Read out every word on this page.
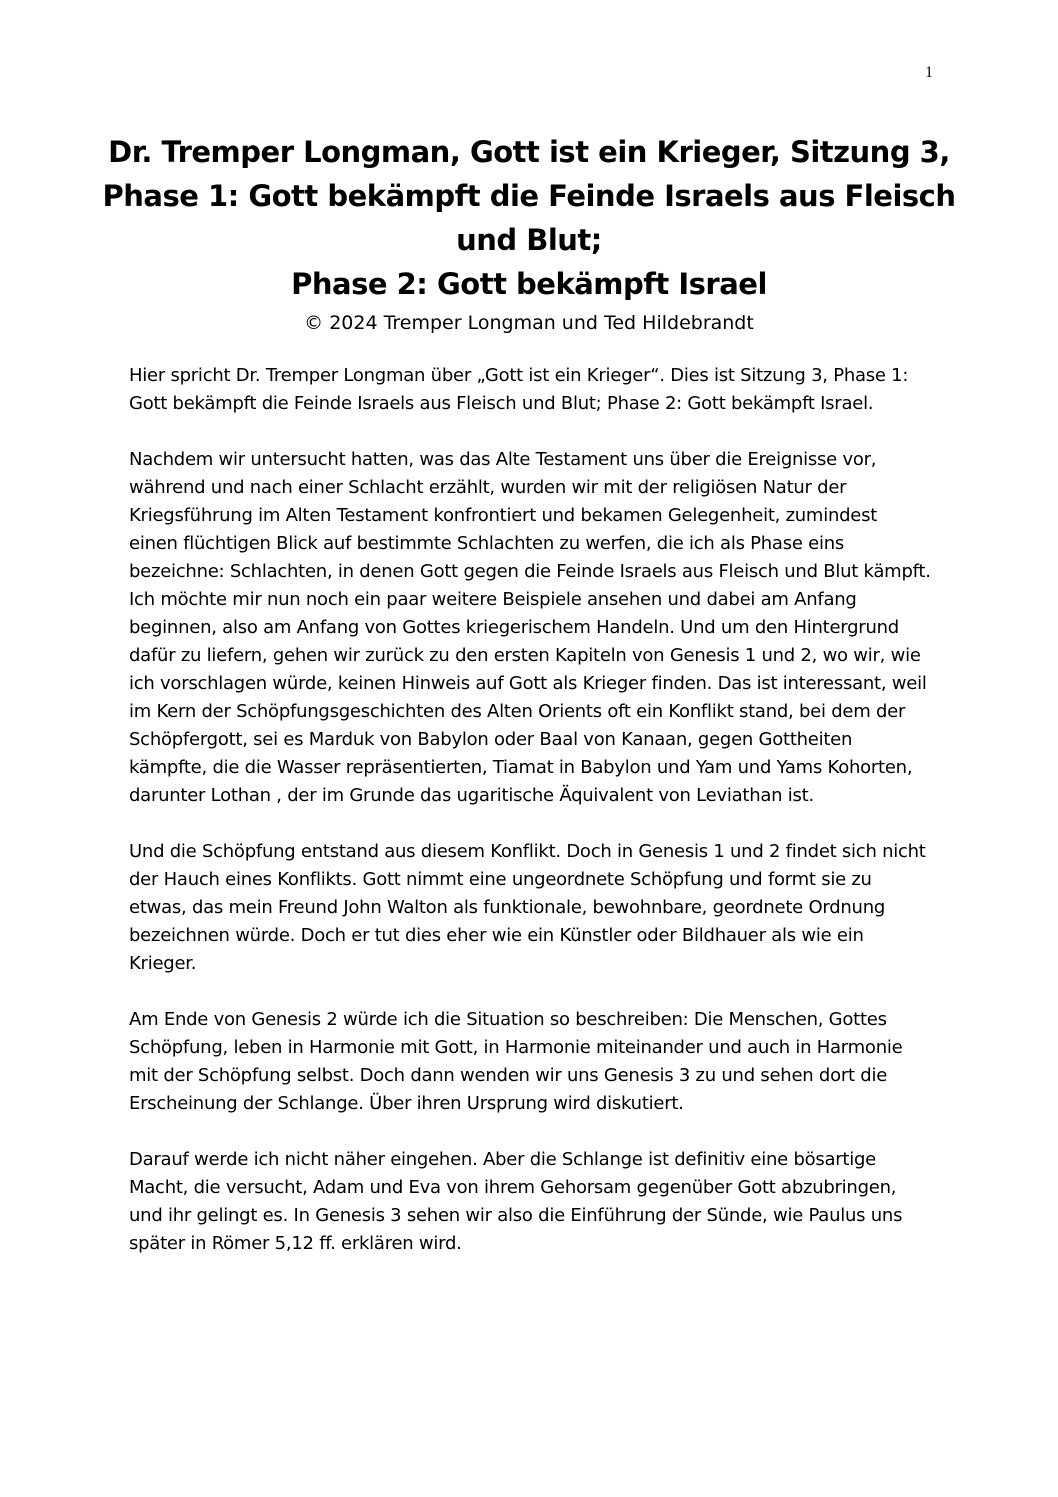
1
Dr. Tremper Longman, Gott ist ein Krieger, Sitzung 3,
Phase 1: Gott bekämpft die Feinde Israels aus Fleisch
und Blut;
Phase 2: Gott bekämpft Israel
© 2024 Tremper Longman und Ted Hildebrandt

Hier spricht Dr. Tremper Longman über „Gott ist ein Krieger“. Dies ist Sitzung 3, Phase 1: Gott bekämpft die Feinde Israels aus Fleisch und Blut; Phase 2: Gott bekämpft Israel.

Nachdem wir untersucht hatten, was das Alte Testament uns über die Ereignisse vor, während und nach einer Schlacht erzählt, wurden wir mit der religiösen Natur der Kriegsführung im Alten Testament konfrontiert und bekamen Gelegenheit, zumindest einen flüchtigen Blick auf bestimmte Schlachten zu werfen, die ich als Phase eins bezeichne: Schlachten, in denen Gott gegen die Feinde Israels aus Fleisch und Blut kämpft. Ich möchte mir nun noch ein paar weitere Beispiele ansehen und dabei am Anfang beginnen, also am Anfang von Gottes kriegerischem Handeln. Und um den Hintergrund dafür zu liefern, gehen wir zurück zu den ersten Kapiteln von Genesis 1 und 2, wo wir, wie ich vorschlagen würde, keinen Hinweis auf Gott als Krieger finden. Das ist interessant, weil im Kern der Schöpfungsgeschichten des Alten Orients oft ein Konflikt stand, bei dem der Schöpfergott, sei es Marduk von Babylon oder Baal von Kanaan, gegen Gottheiten kämpfte, die die Wasser repräsentierten, Tiamat in Babylon und Yam und Yams Kohorten, darunter Lothan , der im Grunde das ugaritische Äquivalent von Leviathan ist.

Und die Schöpfung entstand aus diesem Konflikt. Doch in Genesis 1 und 2 findet sich nicht der Hauch eines Konflikts. Gott nimmt eine ungeordnete Schöpfung und formt sie zu etwas, das mein Freund John Walton als funktionale, bewohnbare, geordnete Ordnung bezeichnen würde. Doch er tut dies eher wie ein Künstler oder Bildhauer als wie ein Krieger.

Am Ende von Genesis 2 würde ich die Situation so beschreiben: Die Menschen, Gottes Schöpfung, leben in Harmonie mit Gott, in Harmonie miteinander und auch in Harmonie mit der Schöpfung selbst. Doch dann wenden wir uns Genesis 3 zu und sehen dort die Erscheinung der Schlange. Über ihren Ursprung wird diskutiert.

Darauf werde ich nicht näher eingehen. Aber die Schlange ist definitiv eine bösartige Macht, die versucht, Adam und Eva von ihrem Gehorsam gegenüber Gott abzubringen, und ihr gelingt es. In Genesis 3 sehen wir also die Einführung der Sünde, wie Paulus uns später in Römer 5,12 ff. erklären wird.
